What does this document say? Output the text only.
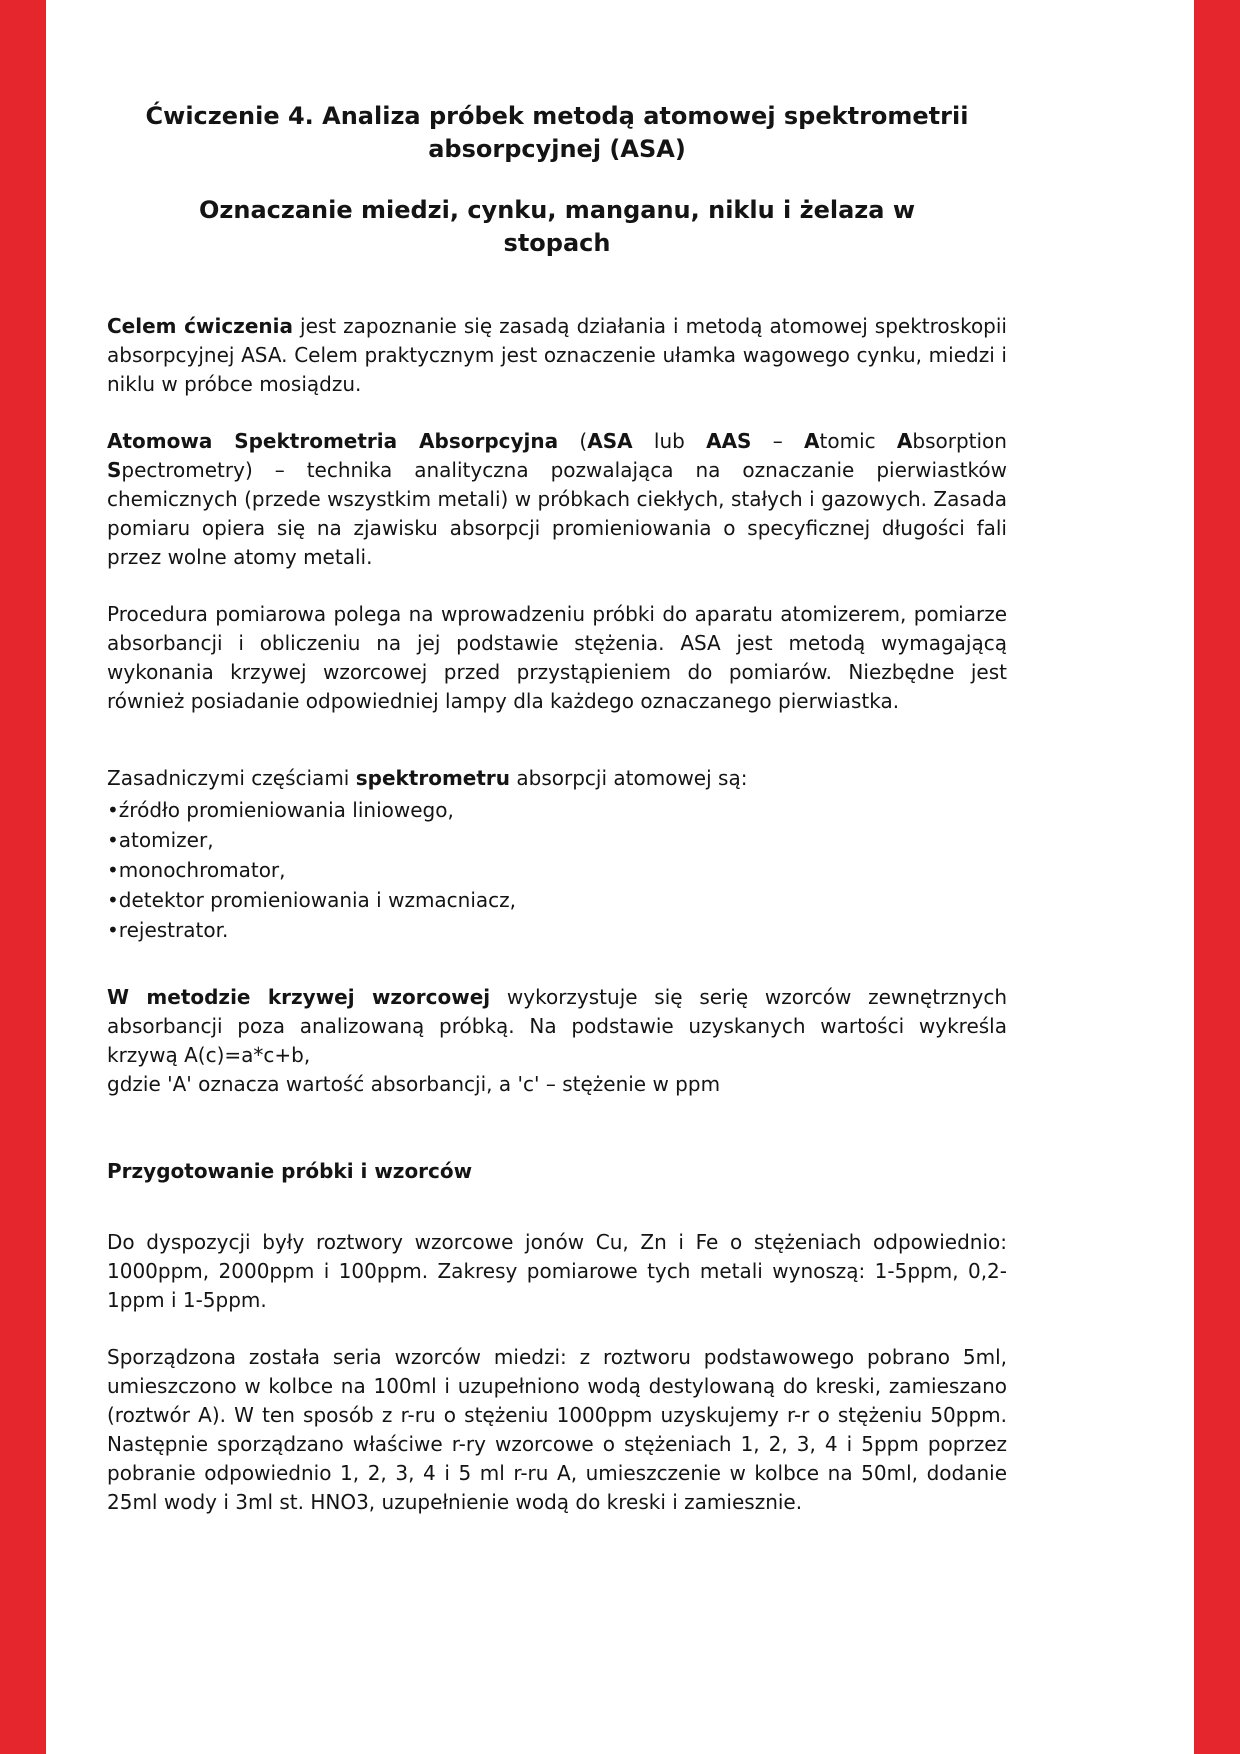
Ćwiczenie 4. Analiza próbek metodą atomowej spektrometrii
absorpcyjnej (ASA)
Oznaczanie miedzi, cynku, manganu, niklu i żelaza w
stopach

Celem ćwiczenia jest zapoznanie się zasadą działania i metodą atomowej spektroskopii absorpcyjnej ASA. Celem praktycznym jest oznaczenie ułamka wagowego cynku, miedzi i niklu w próbce mosiądzu.

Atomowa Spektrometria Absorpcyjna (ASA lub AAS – Atomic Absorption Spectrometry) – technika analityczna pozwalająca na oznaczanie pierwiastków chemicznych (przede wszystkim metali) w próbkach ciekłych, stałych i gazowych. Zasada pomiaru opiera się na zjawisku absorpcji promieniowania o specyficznej długości fali przez wolne atomy metali.

Procedura pomiarowa polega na wprowadzeniu próbki do aparatu atomizerem, pomiarze absorbancji i obliczeniu na jej podstawie stężenia. ASA jest metodą wymagającą wykonania krzywej wzorcowej przed przystąpieniem do pomiarów. Niezbędne jest również posiadanie odpowiedniej lampy dla każdego oznaczanego pierwiastka.

Zasadniczymi częściami spektrometru absorpcji atomowej są:

•źródło promieniowania liniowego,
•atomizer,
•monochromator,
•detektor promieniowania i wzmacniacz,
•rejestrator.

W metodzie krzywej wzorcowej wykorzystuje się serię wzorców zewnętrznych absorbancji poza analizowaną próbką. Na podstawie uzyskanych wartości wykreśla krzywą A(c)=a*c+b,

gdzie 'A' oznacza wartość absorbancji, a 'c' – stężenie w ppm

Przygotowanie próbki i wzorców

Do dyspozycji były roztwory wzorcowe jonów Cu, Zn i Fe o stężeniach odpowiednio: 1000ppm, 2000ppm i 100ppm. Zakresy pomiarowe tych metali wynoszą: 1-5ppm, 0,2-1ppm i 1-5ppm.

Sporządzona została seria wzorców miedzi: z roztworu podstawowego pobrano 5ml, umieszczono w kolbce na 100ml i uzupełniono wodą destylowaną do kreski, zamieszano (roztwór A). W ten sposób z r-ru o stężeniu 1000ppm uzyskujemy r-r o stężeniu 50ppm. Następnie sporządzano właściwe r-ry wzorcowe o stężeniach 1, 2, 3, 4 i 5ppm poprzez pobranie odpowiednio 1, 2, 3, 4 i 5 ml r-ru A, umieszczenie w kolbce na 50ml, dodanie 25ml wody i 3ml st. HNO3, uzupełnienie wodą do kreski i zamiesznie.
